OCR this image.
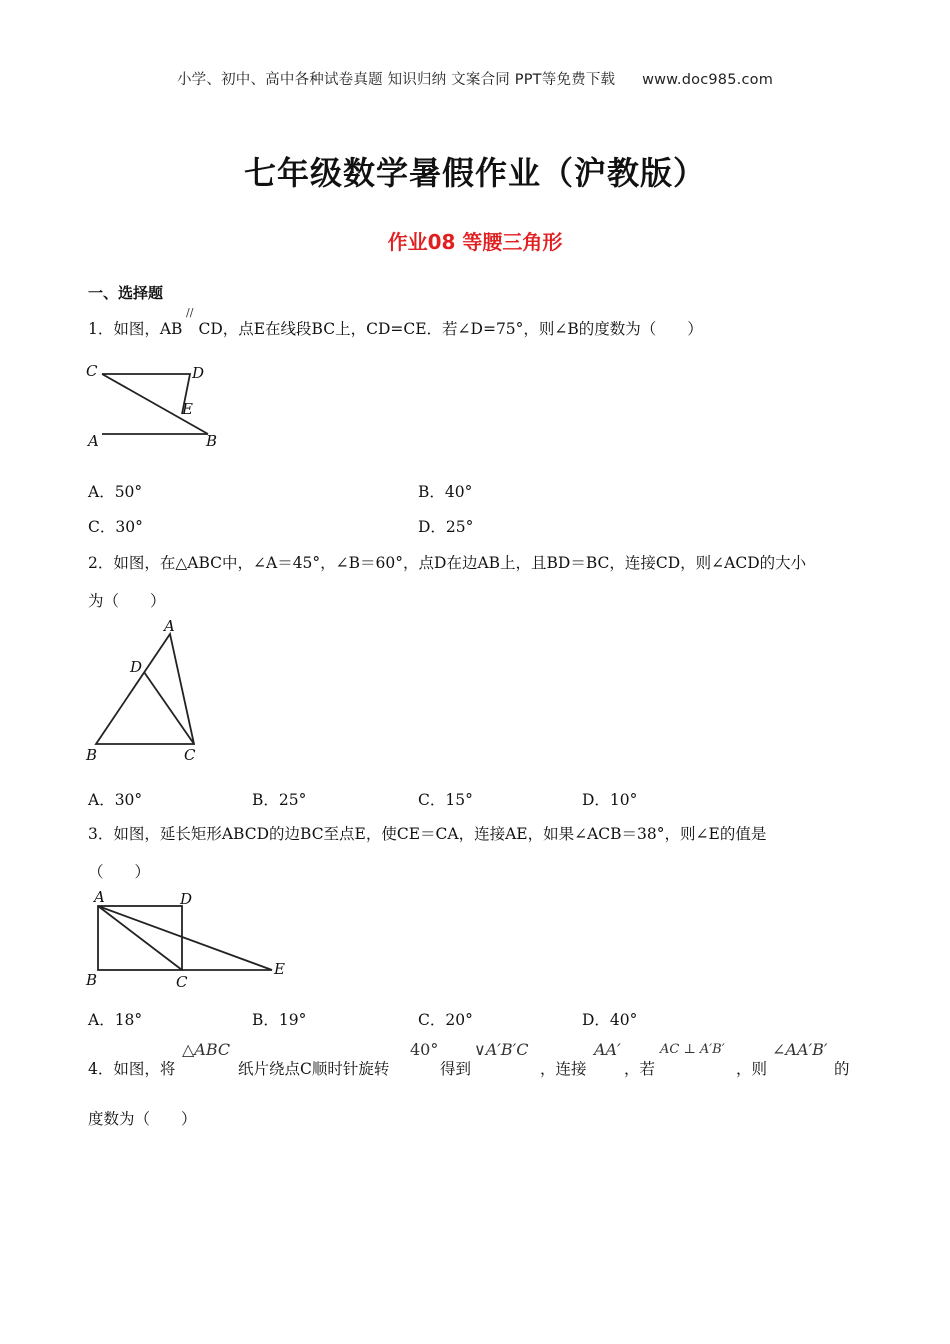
小学、初中、高中各种试卷真题 知识归纳 文案合同 PPT等免费下载 www.doc985.com
七年级数学暑假作业（沪教版）
作业08 等腰三角形
一、选择题
1．如图，AB CD，点E在线段BC上，CD=CE．若∠D=75°，则∠B的度数为（　　）
//
C	D
E
A	B
A．50°	B．40°
C．30°	D．25°
2．如图，在△ABC中，∠A＝45°，∠B＝60°，点D在边AB上，且BD＝BC，连接CD，则∠ACD的大小
为（　　）
A
D
B	C
A．30°	B．25°	C．15°	D．10°
3．如图，延长矩形ABCD的边BC至点E，使CE＝CA，连接AE，如果∠ACB＝38°，则∠E的值是
（　　）
A	D
B	C
E
A．18°	B．19°	C．20°	D．40°
4．如图，将
△ABC
纸片绕点C顺时针旋转
40°
得到
∨A′B′C
，连接
AA′
，若
AC ⊥ A′B′
，则
∠AA′B′
的
度数为（　　）
